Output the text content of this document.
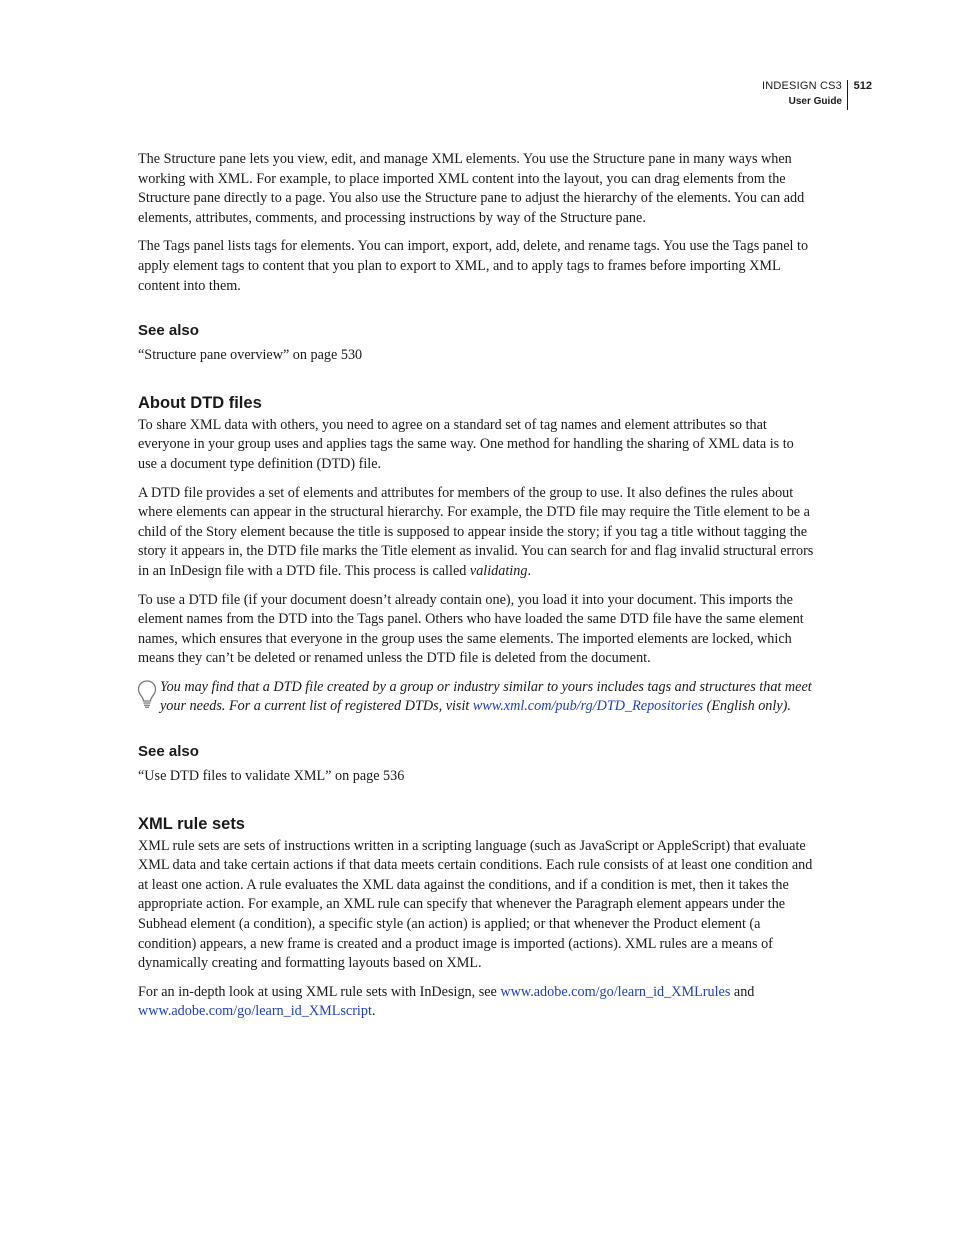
INDESIGN CS3
User Guide
512

The Structure pane lets you view, edit, and manage XML elements. You use the Structure pane in many ways when working with XML. For example, to place imported XML content into the layout, you can drag elements from the Structure pane directly to a page. You also use the Structure pane to adjust the hierarchy of the elements. You can add elements, attributes, comments, and processing instructions by way of the Structure pane.

The Tags panel lists tags for elements. You can import, export, add, delete, and rename tags. You use the Tags panel to apply element tags to content that you plan to export to XML, and to apply tags to frames before importing XML content into them.

See also

“Structure pane overview” on page 530

About DTD files

To share XML data with others, you need to agree on a standard set of tag names and element attributes so that everyone in your group uses and applies tags the same way. One method for handling the sharing of XML data is to use a document type definition (DTD) file.

A DTD file provides a set of elements and attributes for members of the group to use. It also defines the rules about where elements can appear in the structural hierarchy. For example, the DTD file may require the Title element to be a child of the Story element because the title is supposed to appear inside the story; if you tag a title without tagging the story it appears in, the DTD file marks the Title element as invalid. You can search for and flag invalid structural errors in an InDesign file with a DTD file. This process is called validating.

To use a DTD file (if your document doesn’t already contain one), you load it into your document. This imports the element names from the DTD into the Tags panel. Others who have loaded the same DTD file have the same element names, which ensures that everyone in the group uses the same elements. The imported elements are locked, which means they can’t be deleted or renamed unless the DTD file is deleted from the document.

You may find that a DTD file created by a group or industry similar to yours includes tags and structures that meet your needs. For a current list of registered DTDs, visit www.xml.com/pub/rg/DTD_Repositories (English only).

See also

“Use DTD files to validate XML” on page 536

XML rule sets

XML rule sets are sets of instructions written in a scripting language (such as JavaScript or AppleScript) that evaluate XML data and take certain actions if that data meets certain conditions. Each rule consists of at least one condition and at least one action. A rule evaluates the XML data against the conditions, and if a condition is met, then it takes the appropriate action. For example, an XML rule can specify that whenever the Paragraph element appears under the Subhead element (a condition), a specific style (an action) is applied; or that whenever the Product element (a condition) appears, a new frame is created and a product image is imported (actions). XML rules are a means of dynamically creating and formatting layouts based on XML.

For an in-depth look at using XML rule sets with InDesign, see www.adobe.com/go/learn_id_XMLrules and www.adobe.com/go/learn_id_XMLscript.
